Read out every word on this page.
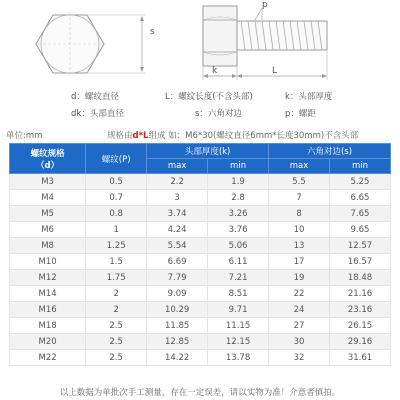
s
p
k	L
d：螺纹直径	L：螺纹长度(不含头部)	k：头部厚度
dk：头部直径	s：六角对边	p：螺距
单位:mm	规格由d*L组成 如：M6*30(螺纹直径6mm*长度30mm)不含头部
螺纹规格
（d）	螺纹(P)	头部厚度(k)		六角对边(s)	
		max	min	max	min
M3	0.5	2.2	1.9	5.5	5.25
M4	0.7	3	2.8	7	6.65
M5	0.8	3.74	3.26	8	7.65
M6	1	4.24	3.76	10	9.65
M8	1.25	5.54	5.06	13	12.57
M10	1.5	6.69	6.11	17	16.57
M12	1.75	7.79	7.21	19	18.48
M14	2	9.09	8.51	22	21.16
M16	2	10.29	9.71	24	23.16
M18	2.5	11.85	11.15	27	26.15
M20	2.5	12.85	12.15	30	29.16
M22	2.5	14.22	13.78	32	31.61
以上数据为单批次手工测量，存在一定误差，请以实物为准！介意者慎拍。
